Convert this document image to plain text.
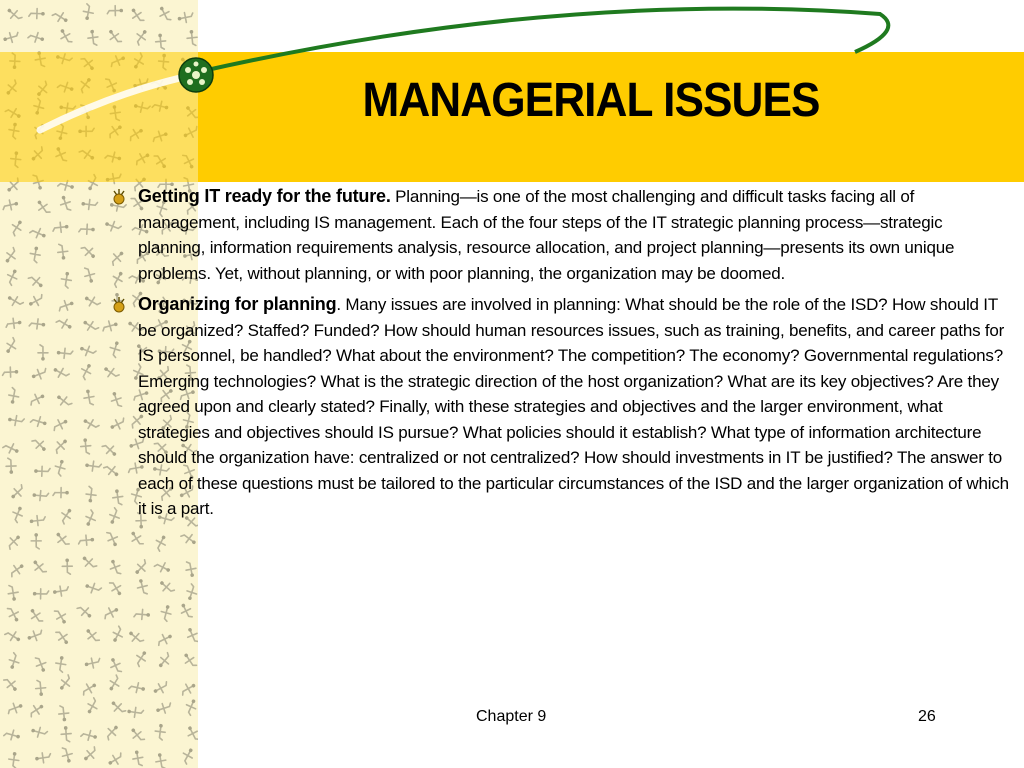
MANAGERIAL ISSUES
Getting IT ready for the future. Planning—is one of the most challenging and difficult tasks facing all of management, including IS management. Each of the four steps of the IT strategic planning process—strategic planning, information requirements analysis, resource allocation, and project planning—presents its own unique problems. Yet, without planning, or with poor planning, the organization may be doomed.
Organizing for planning. Many issues are involved in planning: What should be the role of the ISD? How should IT be organized? Staffed? Funded? How should human resources issues, such as training, benefits, and career paths for IS personnel, be handled? What about the environment? The competition? The economy? Governmental regulations? Emerging technologies? What is the strategic direction of the host organization? What are its key objectives? Are they agreed upon and clearly stated? Finally, with these strategies and objectives and the larger environment, what strategies and objectives should IS pursue? What policies should it establish? What type of information architecture should the organization have: centralized or not centralized? How should investments in IT be justified? The answer to each of these questions must be tailored to the particular circumstances of the ISD and the larger organization of which it is a part.
Chapter 9	26
